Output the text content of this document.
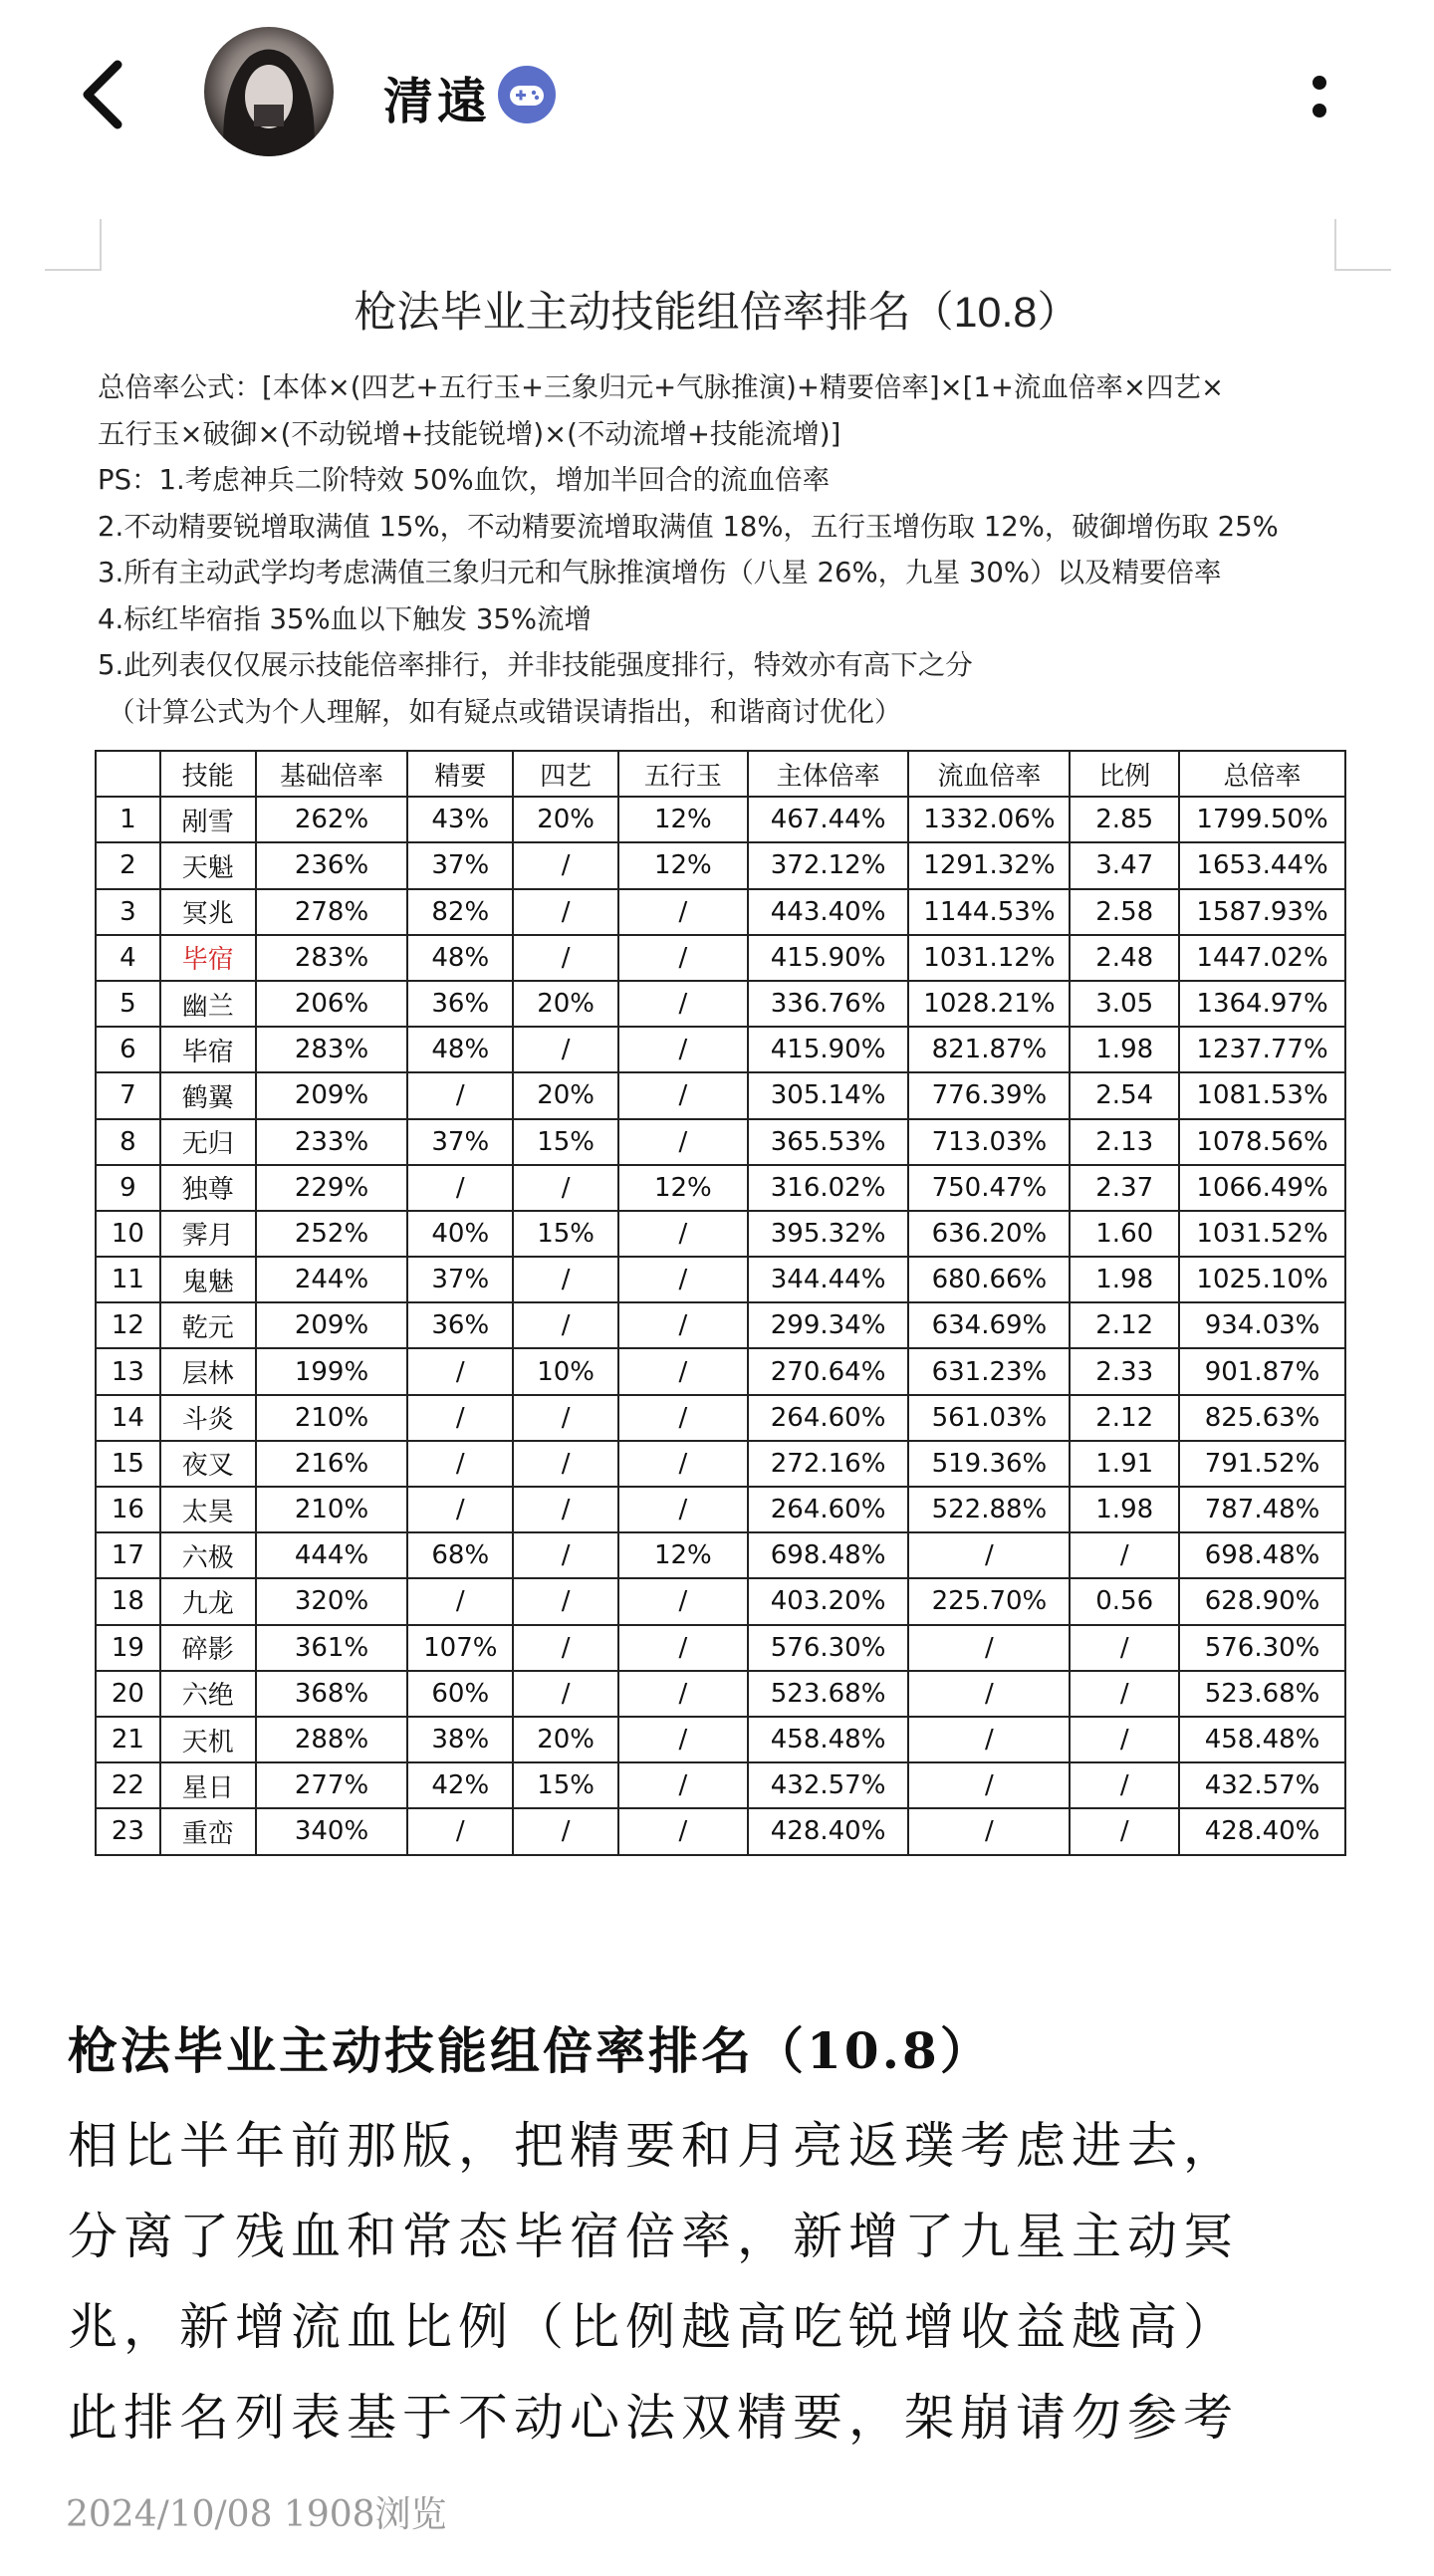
清遠
枪法毕业主动技能组倍率排名（10.8）
总倍率公式：[本体×(四艺+五行玉+三象归元+气脉推演)+精要倍率]×[1+流血倍率×四艺×
五行玉×破御×(不动锐增+技能锐增)×(不动流增+技能流增)]
PS：1.考虑神兵二阶特效 50%血饮，增加半回合的流血倍率
2.不动精要锐增取满值 15%，不动精要流增取满值 18%，五行玉增伤取 12%，破御增伤取 25%
3.所有主动武学均考虑满值三象归元和气脉推演增伤（八星 26%，九星 30%）以及精要倍率
4.标红毕宿指 35%血以下触发 35%流增
5.此列表仅仅展示技能倍率排行，并非技能强度排行，特效亦有高下之分
（计算公式为个人理解，如有疑点或错误请指出，和谐商讨优化）
	技能	基础倍率	精要	四艺	五行玉	主体倍率	流血倍率	比例	总倍率
1	剐雪	262%	43%	20%	12%	467.44%	1332.06%	2.85	1799.50%
2	天魁	236%	37%	/	12%	372.12%	1291.32%	3.47	1653.44%
3	冥兆	278%	82%	/	/	443.40%	1144.53%	2.58	1587.93%
4	毕宿	283%	48%	/	/	415.90%	1031.12%	2.48	1447.02%
5	幽兰	206%	36%	20%	/	336.76%	1028.21%	3.05	1364.97%
6	毕宿	283%	48%	/	/	415.90%	821.87%	1.98	1237.77%
7	鹤翼	209%	/	20%	/	305.14%	776.39%	2.54	1081.53%
8	无归	233%	37%	15%	/	365.53%	713.03%	2.13	1078.56%
9	独尊	229%	/	/	12%	316.02%	750.47%	2.37	1066.49%
10	霁月	252%	40%	15%	/	395.32%	636.20%	1.60	1031.52%
11	鬼魅	244%	37%	/	/	344.44%	680.66%	1.98	1025.10%
12	乾元	209%	36%	/	/	299.34%	634.69%	2.12	934.03%
13	层林	199%	/	10%	/	270.64%	631.23%	2.33	901.87%
14	斗炎	210%	/	/	/	264.60%	561.03%	2.12	825.63%
15	夜叉	216%	/	/	/	272.16%	519.36%	1.91	791.52%
16	太昊	210%	/	/	/	264.60%	522.88%	1.98	787.48%
17	六极	444%	68%	/	12%	698.48%	/	/	698.48%
18	九龙	320%	/	/	/	403.20%	225.70%	0.56	628.90%
19	碎影	361%	107%	/	/	576.30%	/	/	576.30%
20	六绝	368%	60%	/	/	523.68%	/	/	523.68%
21	天机	288%	38%	20%	/	458.48%	/	/	458.48%
22	星日	277%	42%	15%	/	432.57%	/	/	432.57%
23	重峦	340%	/	/	/	428.40%	/	/	428.40%
枪法毕业主动技能组倍率排名（10.8）
相比半年前那版，把精要和月亮返璞考虑进去，
分离了残血和常态毕宿倍率，新增了九星主动冥
兆，新增流血比例（比例越高吃锐增收益越高）
此排名列表基于不动心法双精要，架崩请勿参考
2024/10/08 1908浏览
